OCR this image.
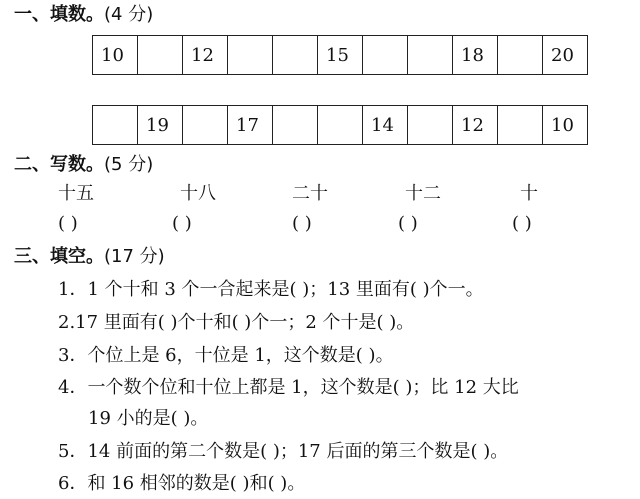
一、填数。(4 分)
10		12			15			18		20
	19		17			14		12		10
二、写数。(5 分)
十五	十八	二十	十二	十
( )	( )	( )	( )	( )
三、填空。(17 分)
1．1 个十和 3 个一合起来是( )；13 里面有( )个一。
2.17 里面有( )个十和( )个一；2 个十是( )。
3．个位上是 6，十位是 1，这个数是( )。
4．一个数个位和十位上都是 1，这个数是( )；比 12 大比
19 小的是( )。
5．14 前面的第二个数是( )；17 后面的第三个数是( )。
6．和 16 相邻的数是( )和( )。
